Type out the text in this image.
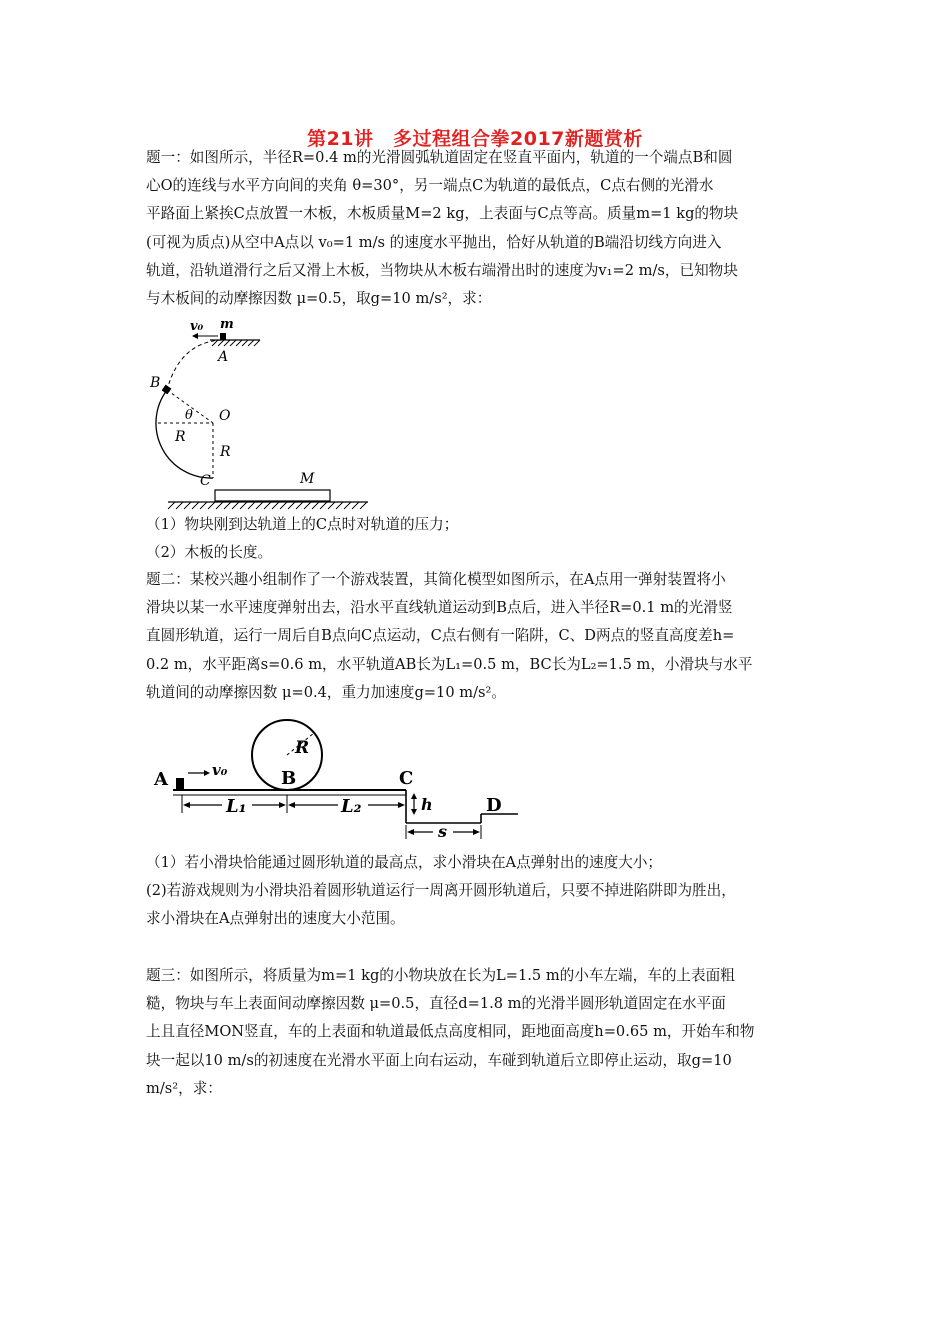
第21讲　多过程组合拳2017新题赏析
题一：如图所示，半径R=0.4 m的光滑圆弧轨道固定在竖直平面内，轨道的一个端点B和圆
心O的连线与水平方向间的夹角 θ=30°，另一端点C为轨道的最低点，C点右侧的光滑水
平路面上紧挨C点放置一木板，木板质量M=2 kg，上表面与C点等高。质量m=1 kg的物块
(可视为质点)从空中A点以 v₀=1 m/s 的速度水平抛出，恰好从轨道的B端沿切线方向进入
轨道，沿轨道滑行之后又滑上木板，当物块从木板右端滑出时的速度为v₁=2 m/s，已知物块
与木板间的动摩擦因数 μ=0.5，取g=10 m/s²，求：
v₀ m
A
B
θ O
R
R
C	M
（1）物块刚到达轨道上的C点时对轨道的压力；
（2）木板的长度。
题二：某校兴趣小组制作了一个游戏装置，其简化模型如图所示，在A点用一弹射装置将小
滑块以某一水平速度弹射出去，沿水平直线轨道运动到B点后，进入半径R=0.1 m的光滑竖
直圆形轨道，运行一周后自B点向C点运动，C点右侧有一陷阱，C、D两点的竖直高度差h=
0.2 m，水平距离s=0.6 m，水平轨道AB长为L₁=0.5 m，BC长为L₂=1.5 m，小滑块与水平
轨道间的动摩擦因数 μ=0.4，重力加速度g=10 m/s²。
R
A	v₀	B	C
D
h
L₁	L₂
s
（1）若小滑块恰能通过圆形轨道的最高点，求小滑块在A点弹射出的速度大小；
(2)若游戏规则为小滑块沿着圆形轨道运行一周离开圆形轨道后，只要不掉进陷阱即为胜出，
求小滑块在A点弹射出的速度大小范围。
题三：如图所示，将质量为m=1 kg的小物块放在长为L=1.5 m的小车左端，车的上表面粗
糙，物块与车上表面间动摩擦因数 μ=0.5，直径d=1.8 m的光滑半圆形轨道固定在水平面
上且直径MON竖直，车的上表面和轨道最低点高度相同，距地面高度h=0.65 m，开始车和物
块一起以10 m/s的初速度在光滑水平面上向右运动，车碰到轨道后立即停止运动，取g=10
m/s²，求：
